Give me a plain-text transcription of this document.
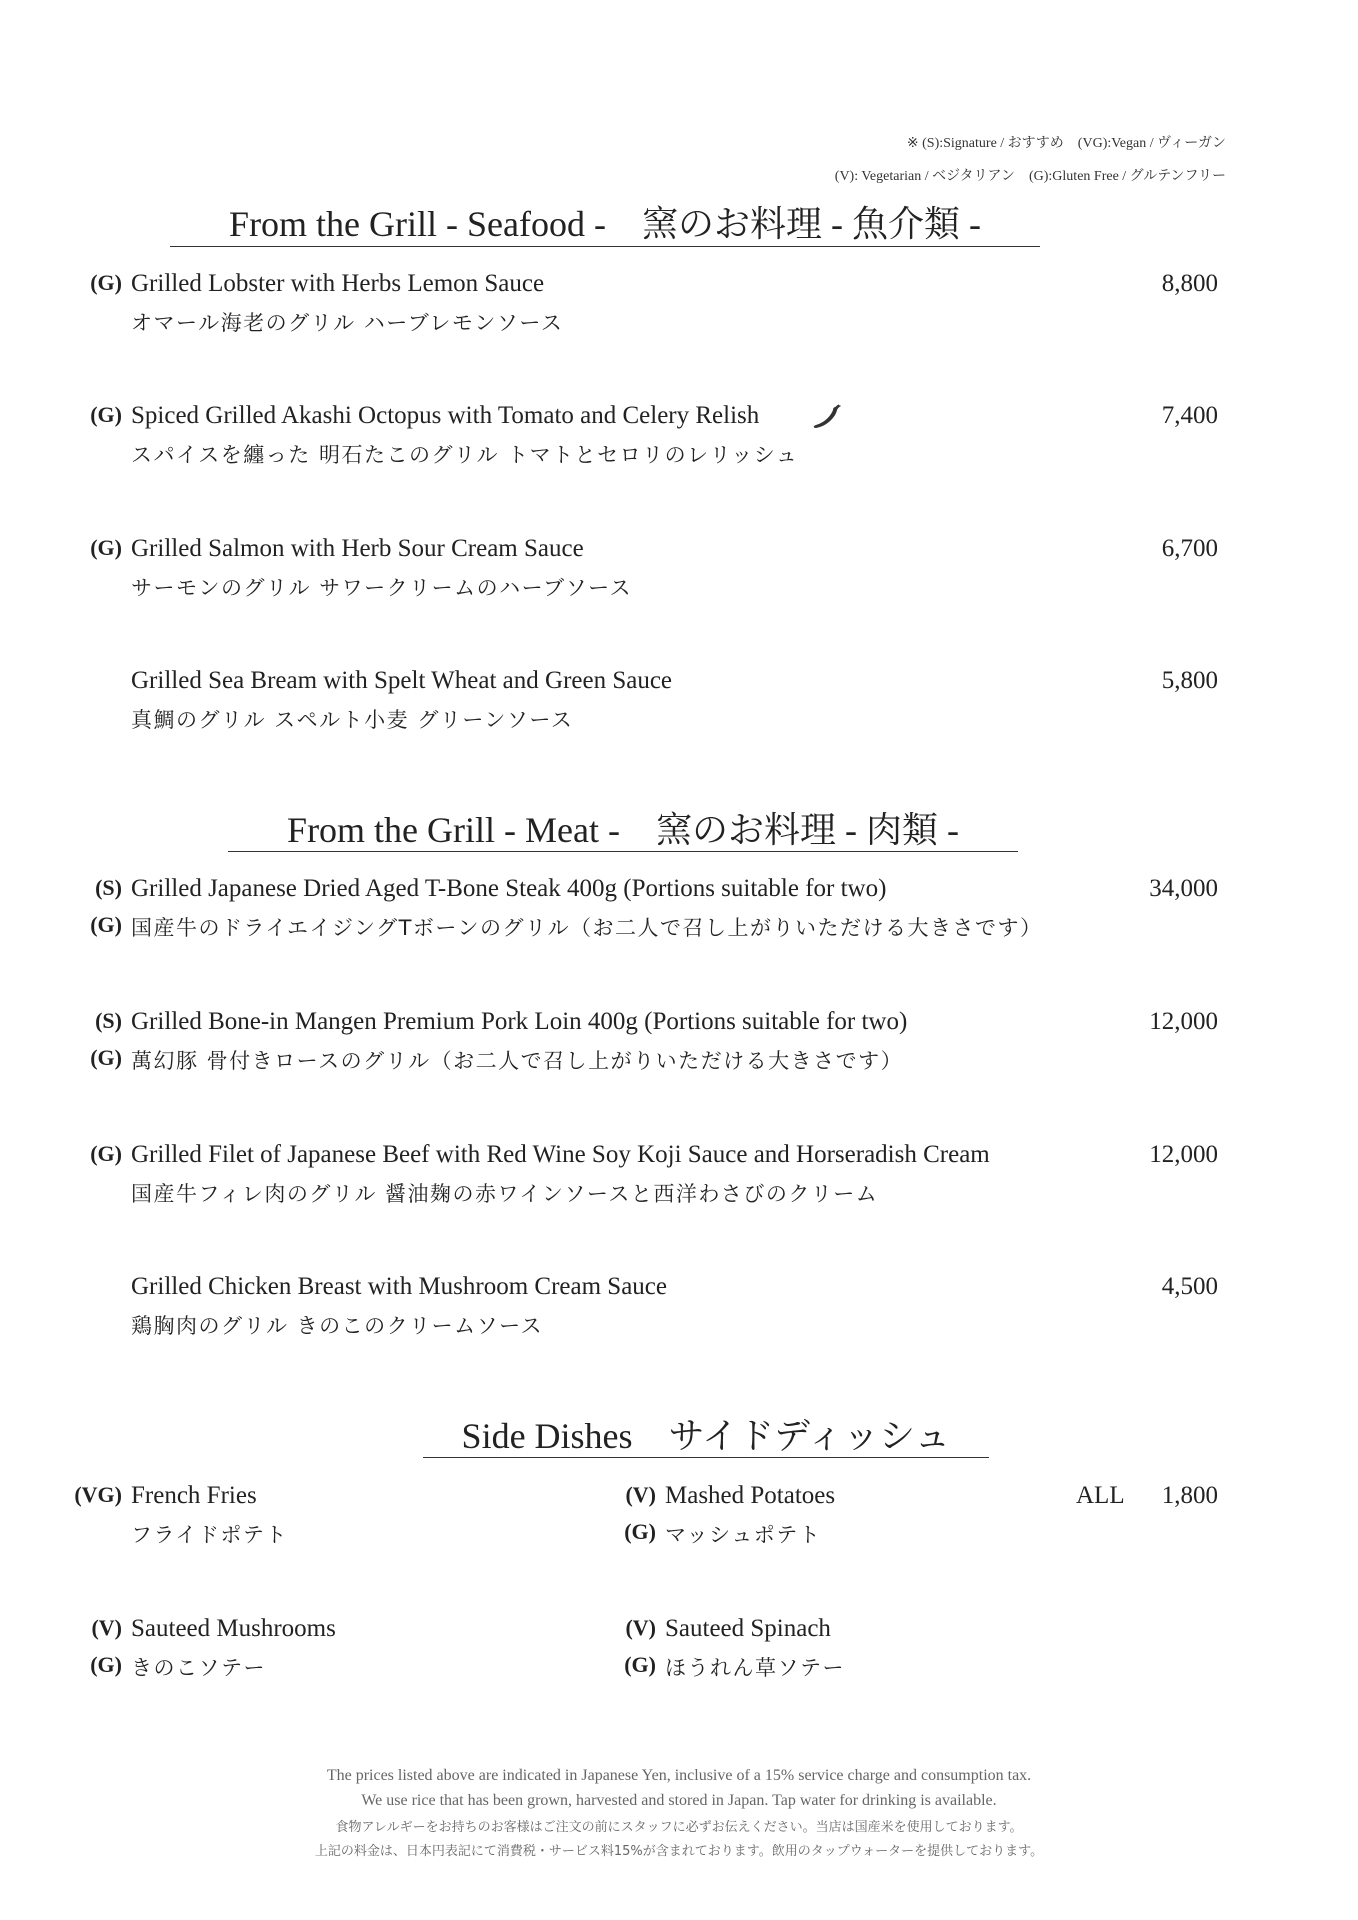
※ (S):Signature / おすすめ　(VG):Vegan / ヴィーガン
(V): Vegetarian / ベジタリアン　(G):Gluten Free / グルテンフリー
From the Grill - Seafood -　窯のお料理 - 魚介類 -
(G) Grilled Lobster with Herbs Lemon Sauce
オマール海老のグリル ハーブレモンソース
8,800
(G) Spiced Grilled Akashi Octopus with Tomato and Celery Relish
スパイスを纏った 明石たこのグリル トマトとセロリのレリッシュ
7,400
(G) Grilled Salmon with Herb Sour Cream Sauce
サーモンのグリル サワークリームのハーブソース
6,700
Grilled Sea Bream with Spelt Wheat and Green Sauce
真鯛のグリル スペルト小麦 グリーンソース
5,800
From the Grill - Meat -　窯のお料理 - 肉類 -
(S)
(G)
Grilled Japanese Dried Aged T-Bone Steak 400g (Portions suitable for two)
国産牛のドライエイジングTボーンのグリル（お二人で召し上がりいただける大きさです）
34,000
(S)
(G)
Grilled Bone-in Mangen Premium Pork Loin 400g (Portions suitable for two)
萬幻豚 骨付きロースのグリル（お二人で召し上がりいただける大きさです）
12,000
(G) Grilled Filet of Japanese Beef with Red Wine Soy Koji Sauce and Horseradish Cream
国産牛フィレ肉のグリル 醤油麹の赤ワインソースと西洋わさびのクリーム
12,000
Grilled Chicken Breast with Mushroom Cream Sauce
鶏胸肉のグリル きのこのクリームソース
4,500
Side Dishes　サイドディッシュ
(VG) French Fries
フライドポテト
(V)
(G)
Mashed Potatoes
マッシュポテト
ALL 1,800
(V)
(G)
Sauteed Mushrooms
きのこソテー
(V)
(G)
Sauteed Spinach
ほうれん草ソテー
The prices listed above are indicated in Japanese Yen, inclusive of a 15% service charge and consumption tax.
We use rice that has been grown, harvested and stored in Japan. Tap water for drinking is available.
食物アレルギーをお持ちのお客様はご注文の前にスタッフに必ずお伝えください。当店は国産米を使用しております。
上記の料金は、日本円表記にて消費税・サービス料15%が含まれております。飲用のタップウォーターを提供しております。
